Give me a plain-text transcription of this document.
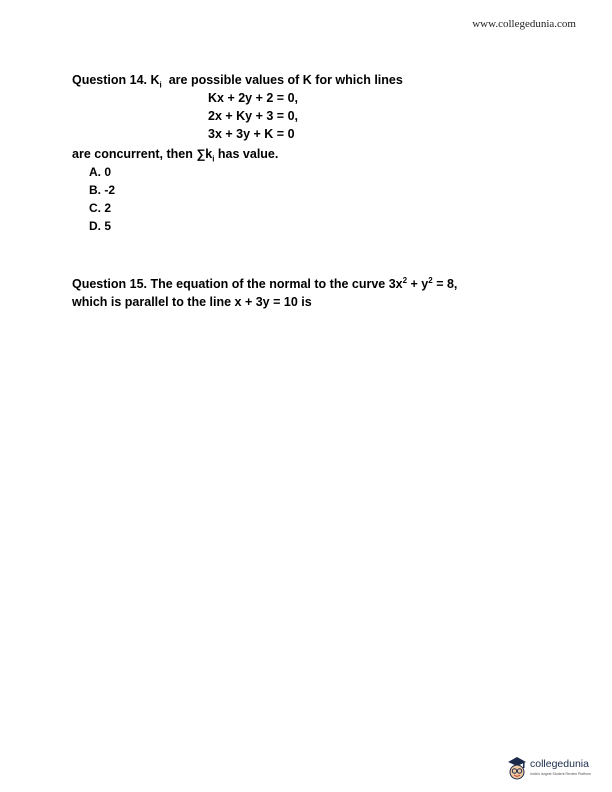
www.collegedunia.com
Question 14. $K_i$  are possible values of K for which lines
Kx + 2y + 2 = 0,
2x + Ky + 3 = 0,
3x + 3y + K = 0
are concurrent, then $\sum k_i$ has value.
A. 0
B. -2
C. 2
D. 5
Question 15. The equation of the normal to the curve $3x^2 + y^2 = 8$,
which is parallel to the line x + 3y = 10 is
collegedunia
India's largest Student Review Platform
